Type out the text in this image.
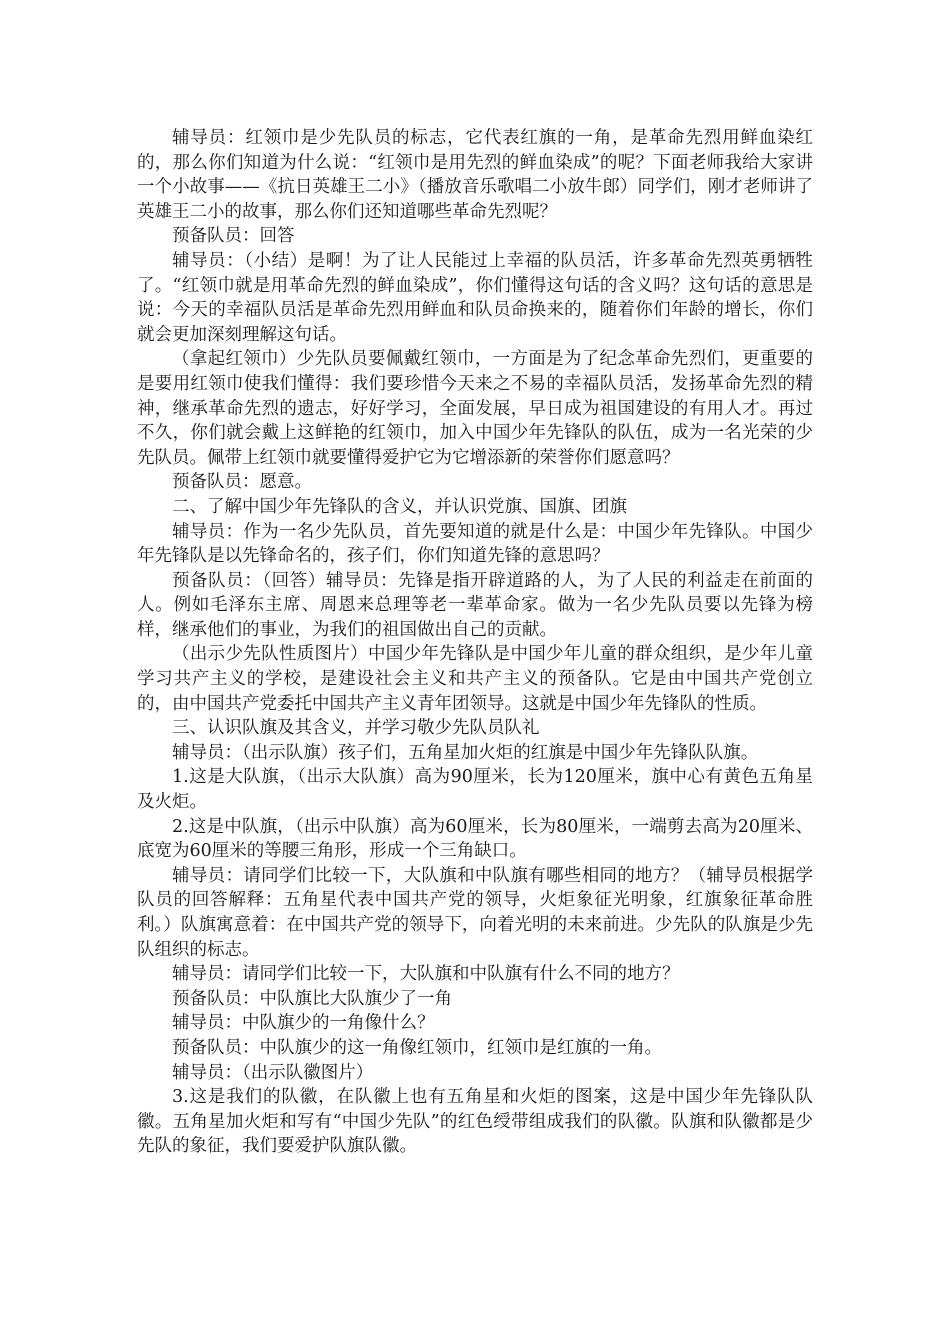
辅导员：红领巾是少先队员的标志，它代表红旗的一角，是革命先烈用鲜血染红的，那么你们知道为什么说：“红领巾是用先烈的鲜血染成”的呢？下面老师我给大家讲一个小故事——《抗日英雄王二小》（播放音乐歌唱二小放牛郎）同学们，刚才老师讲了英雄王二小的故事，那么你们还知道哪些革命先烈呢？

预备队员：回答

辅导员：（小结）是啊！为了让人民能过上幸福的队员活，许多革命先烈英勇牺牲了。“红领巾就是用革命先烈的鲜血染成”，你们懂得这句话的含义吗？这句话的意思是说：今天的幸福队员活是革命先烈用鲜血和队员命换来的，随着你们年龄的增长，你们就会更加深刻理解这句话。

（拿起红领巾）少先队员要佩戴红领巾，一方面是为了纪念革命先烈们，更重要的是要用红领巾使我们懂得：我们要珍惜今天来之不易的幸福队员活，发扬革命先烈的精神，继承革命先烈的遗志，好好学习，全面发展，早日成为祖国建设的有用人才。再过不久，你们就会戴上这鲜艳的红领巾，加入中国少年先锋队的队伍，成为一名光荣的少先队员。佩带上红领巾就要懂得爱护它为它增添新的荣誉你们愿意吗？

预备队员：愿意。

二、了解中国少年先锋队的含义，并认识党旗、国旗、团旗

辅导员：作为一名少先队员，首先要知道的就是什么是：中国少年先锋队。中国少年先锋队是以先锋命名的，孩子们，你们知道先锋的意思吗？

预备队员：（回答）辅导员：先锋是指开辟道路的人，为了人民的利益走在前面的人。例如毛泽东主席、周恩来总理等老一辈革命家。做为一名少先队员要以先锋为榜样，继承他们的事业，为我们的祖国做出自己的贡献。

（出示少先队性质图片）中国少年先锋队是中国少年儿童的群众组织，是少年儿童学习共产主义的学校，是建设社会主义和共产主义的预备队。它是由中国共产党创立的，由中国共产党委托中国共产主义青年团领导。这就是中国少年先锋队的性质。

三、认识队旗及其含义，并学习敬少先队员队礼

辅导员：（出示队旗）孩子们，五角星加火炬的红旗是中国少年先锋队队旗。

1.这是大队旗，（出示大队旗）高为90厘米，长为120厘米，旗中心有黄色五角星及火炬。

2.这是中队旗，（出示中队旗）高为60厘米，长为80厘米，一端剪去高为20厘米、底宽为60厘米的等腰三角形，形成一个三角缺口。

辅导员：请同学们比较一下，大队旗和中队旗有哪些相同的地方？（辅导员根据学队员的回答解释：五角星代表中国共产党的领导，火炬象征光明象，红旗象征革命胜利。）队旗寓意着：在中国共产党的领导下，向着光明的未来前进。少先队的队旗是少先队组织的标志。

辅导员：请同学们比较一下，大队旗和中队旗有什么不同的地方？

预备队员：中队旗比大队旗少了一角

辅导员：中队旗少的一角像什么？

预备队员：中队旗少的这一角像红领巾，红领巾是红旗的一角。

辅导员：（出示队徽图片）

3.这是我们的队徽，在队徽上也有五角星和火炬的图案，这是中国少年先锋队队徽。五角星加火炬和写有“中国少先队”的红色绶带组成我们的队徽。队旗和队徽都是少先队的象征，我们要爱护队旗队徽。
